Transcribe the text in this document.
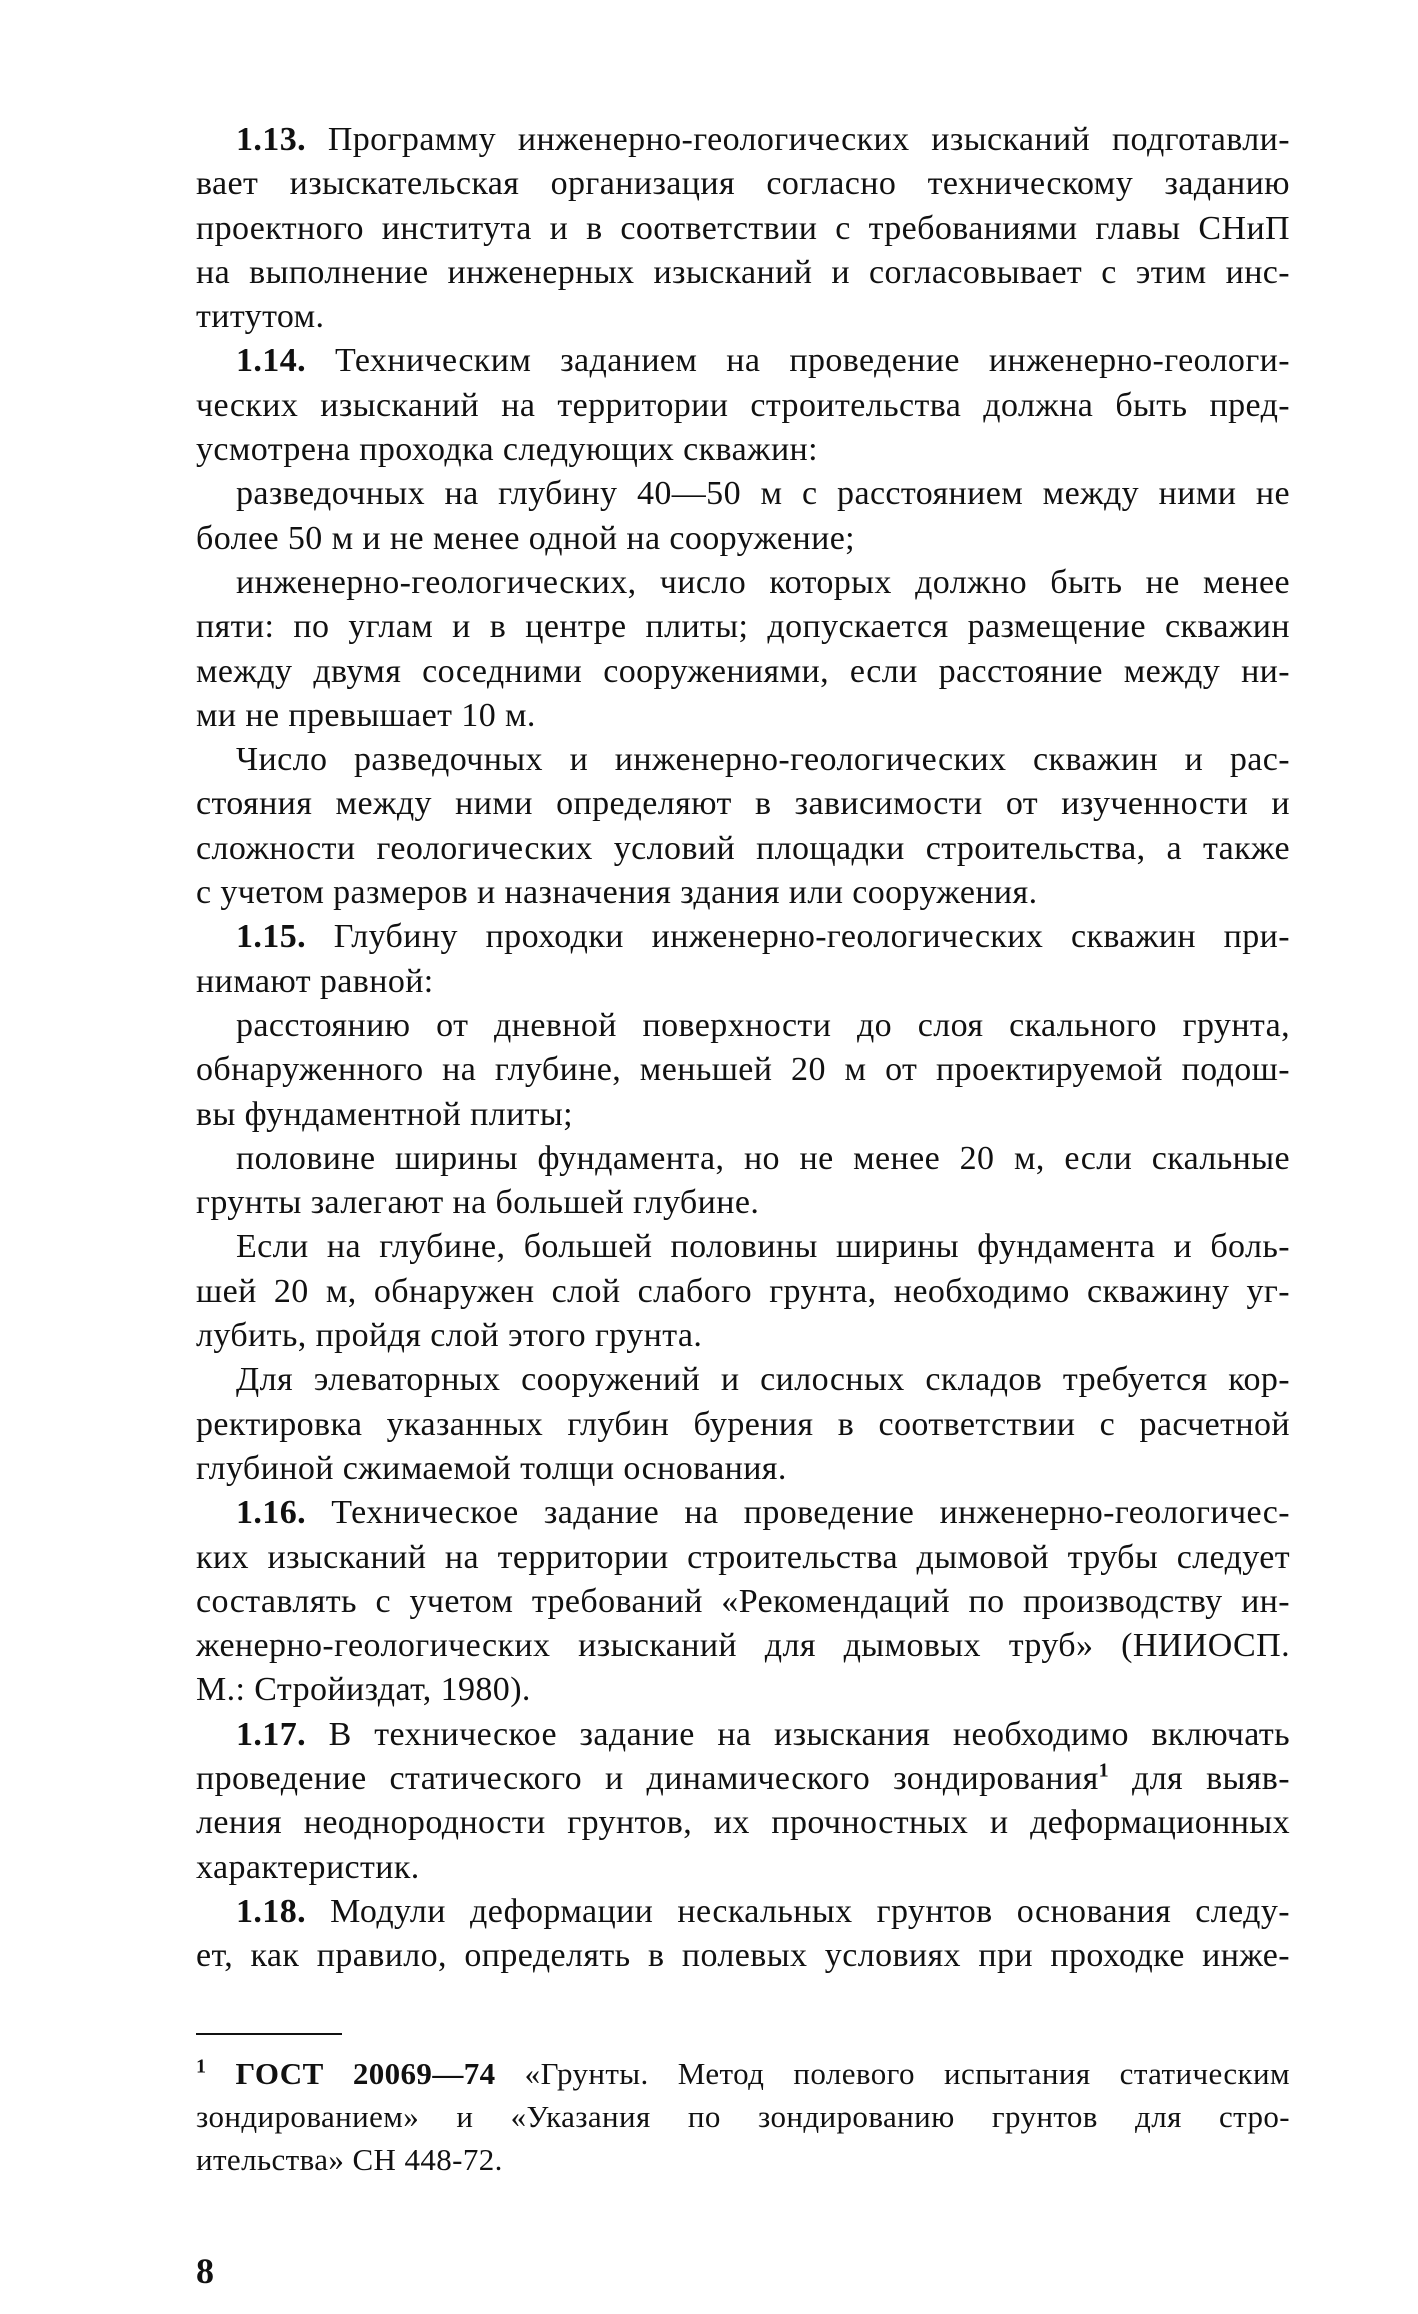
1.13. Программу инженерно-геологических изысканий подготавли-
вает изыскательская организация согласно техническому заданию
проектного института и в соответствии с требованиями главы СНиП
на выполнение инженерных изысканий и согласовывает с этим инс-
титутом.
1.14. Техническим заданием на проведение инженерно-геологи-
ческих изысканий на территории строительства должна быть пред-
усмотрена проходка следующих скважин:
разведочных на глубину 40—50 м с расстоянием между ними не
более 50 м и не менее одной на сооружение;
инженерно-геологических, число которых должно быть не менее
пяти: по углам и в центре плиты; допускается размещение скважин
между двумя соседними сооружениями, если расстояние между ни-
ми не превышает 10 м.
Число разведочных и инженерно-геологических скважин и рас-
стояния между ними определяют в зависимости от изученности и
сложности геологических условий площадки строительства, а также
с учетом размеров и назначения здания или сооружения.
1.15. Глубину проходки инженерно-геологических скважин при-
нимают равной:
расстоянию от дневной поверхности до слоя скального грунта,
обнаруженного на глубине, меньшей 20 м от проектируемой подош-
вы фундаментной плиты;
половине ширины фундамента, но не менее 20 м, если скальные
грунты залегают на большей глубине.
Если на глубине, большей половины ширины фундамента и боль-
шей 20 м, обнаружен слой слабого грунта, необходимо скважину уг-
лубить, пройдя слой этого грунта.
Для элеваторных сооружений и силосных складов требуется кор-
ректировка указанных глубин бурения в соответствии с расчетной
глубиной сжимаемой толщи основания.
1.16. Техническое задание на проведение инженерно-геологичес-
ких изысканий на территории строительства дымовой трубы следует
составлять с учетом требований «Рекомендаций по производству ин-
женерно-геологических изысканий для дымовых труб» (НИИОСП.
М.: Стройиздат, 1980).
1.17. В техническое задание на изыскания необходимо включать
проведение статического и динамического зондирования$^1$ для выяв-
ления неоднородности грунтов, их прочностных и деформационных
характеристик.
1.18. Модули деформации нескальных грунтов основания следу-
ет, как правило, определять в полевых условиях при проходке инже-
$^1$ ГОСТ 20069—74 «Грунты. Метод полевого испытания статическим
зондированием» и «Указания по зондированию грунтов для стро-
ительства» СН 448-72.
8
